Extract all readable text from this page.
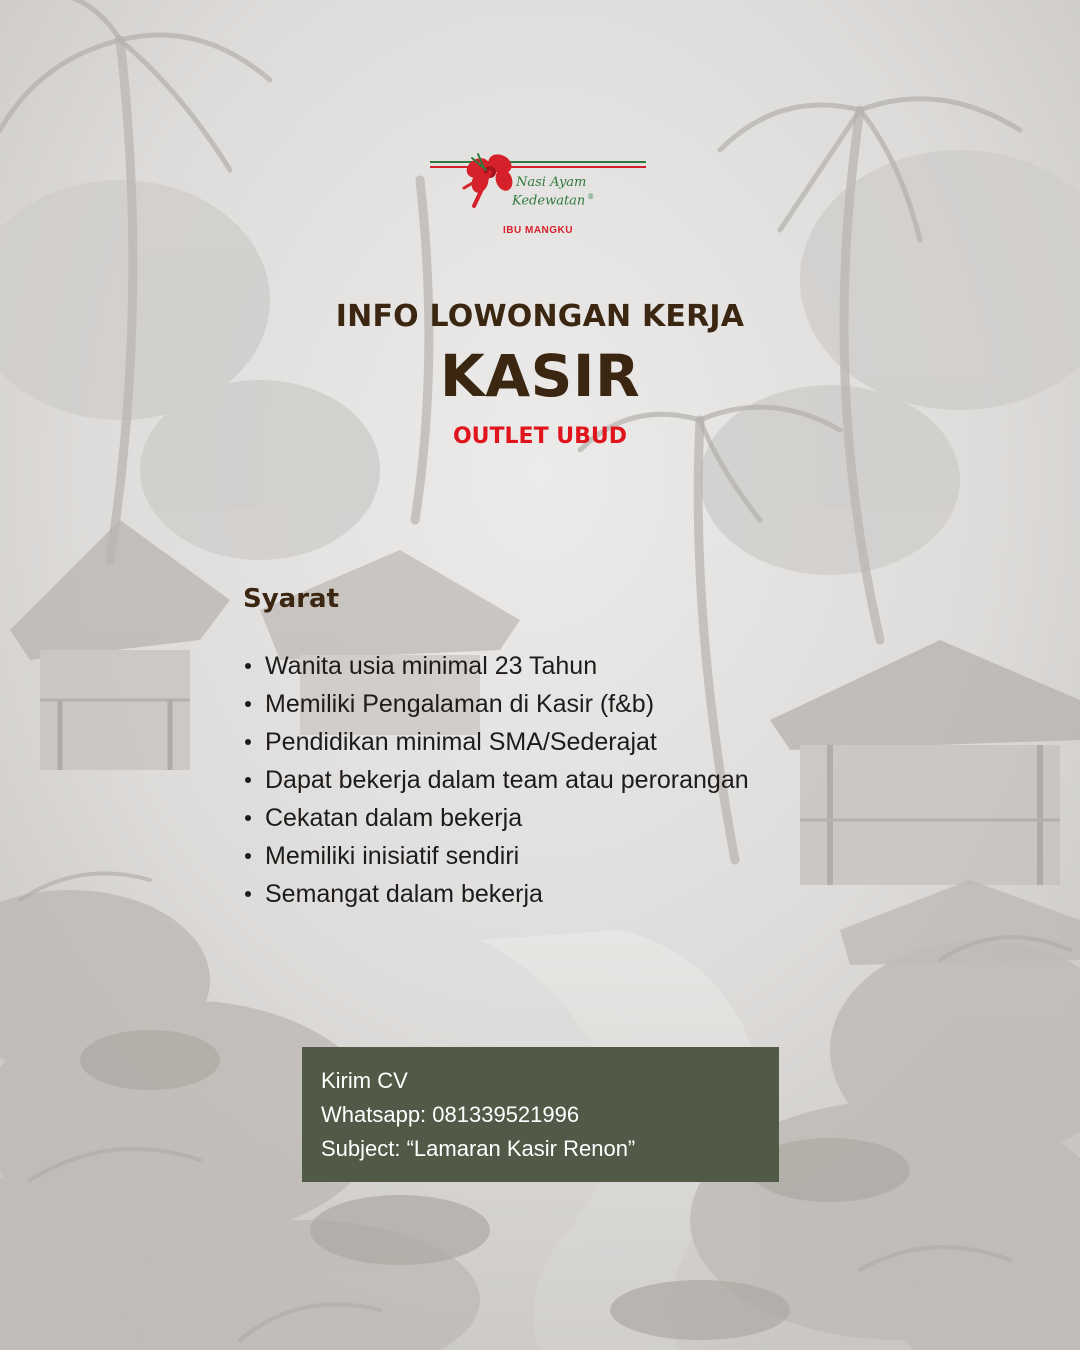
Nasi Ayam
Kedewatan ®
IBU MANGKU
INFO LOWONGAN KERJA
KASIR
OUTLET UBUD
Syarat
Wanita usia minimal 23 Tahun
Memiliki Pengalaman di Kasir (f&b)
Pendidikan minimal SMA/Sederajat
Dapat bekerja dalam team atau perorangan
Cekatan dalam bekerja
Memiliki inisiatif sendiri
Semangat dalam bekerja
Kirim CV
Whatsapp: 081339521996
Subject: “Lamaran Kasir Renon”
